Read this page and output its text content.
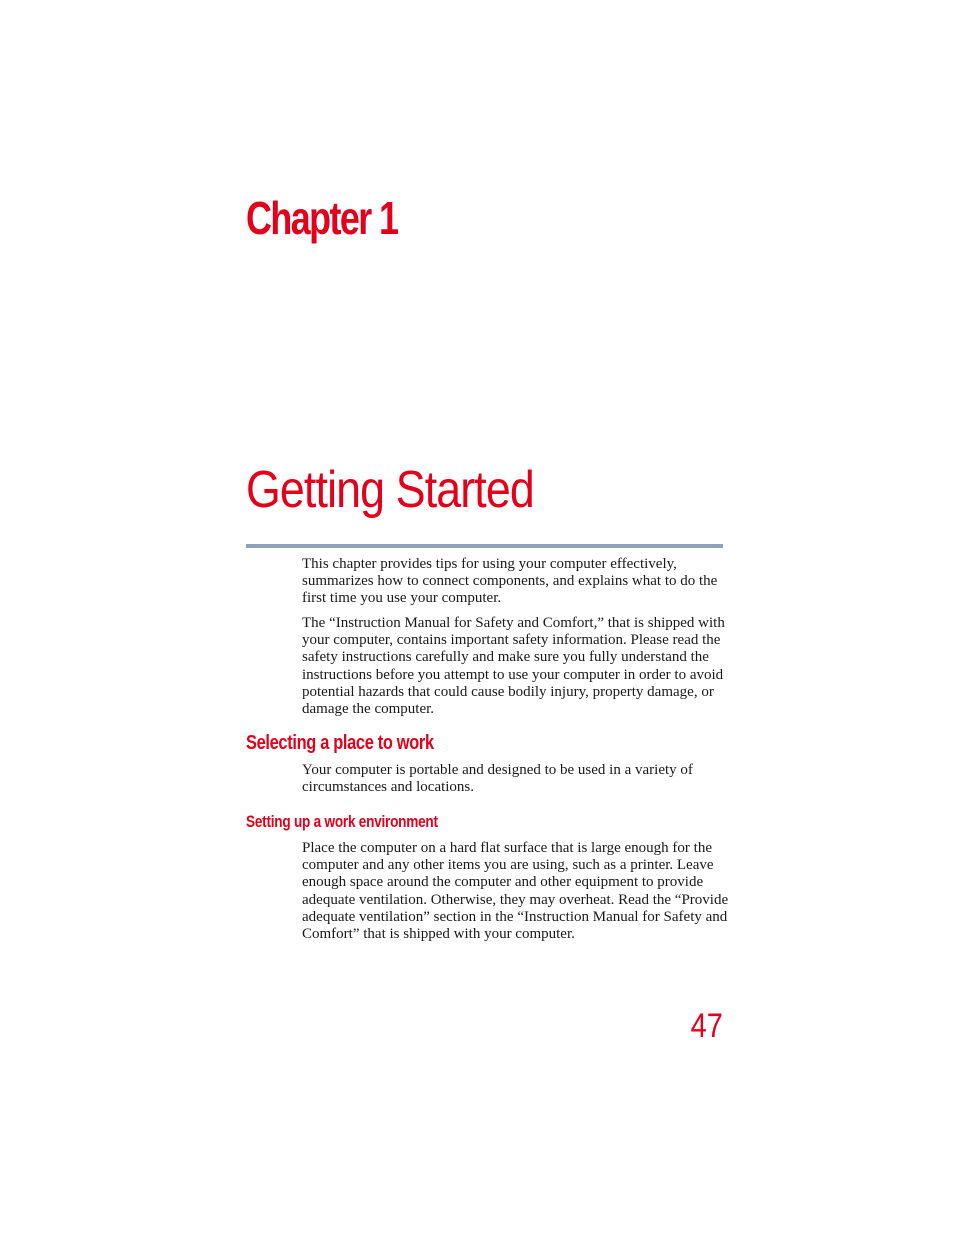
Chapter 1
Getting Started

This chapter provides tips for using your computer effectively, summarizes how to connect components, and explains what to do the first time you use your computer.

The “Instruction Manual for Safety and Comfort,” that is shipped with your computer, contains important safety information. Please read the safety instructions carefully and make sure you fully understand the instructions before you attempt to use your computer in order to avoid potential hazards that could cause bodily injury, property damage, or damage the computer.

Selecting a place to work

Your computer is portable and designed to be used in a variety of circumstances and locations.

Setting up a work environment

Place the computer on a hard flat surface that is large enough for the computer and any other items you are using, such as a printer. Leave enough space around the computer and other equipment to provide adequate ventilation. Otherwise, they may overheat. Read the “Provide adequate ventilation” section in the “Instruction Manual for Safety and Comfort” that is shipped with your computer.

47
